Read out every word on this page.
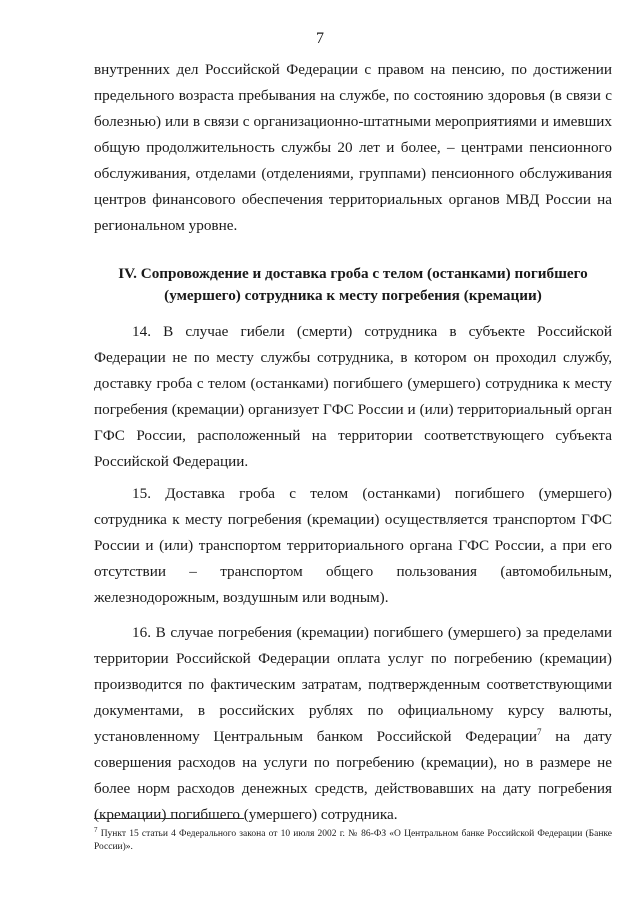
7

внутренних дел Российской Федерации с правом на пенсию, по достижении предельного возраста пребывания на службе, по состоянию здоровья (в связи с болезнью) или в связи с организационно-штатными мероприятиями и имевших общую продолжительность службы 20 лет и более, – центрами пенсионного обслуживания, отделами (отделениями, группами) пенсионного обслуживания центров финансового обеспечения территориальных органов МВД России на региональном уровне.

IV. Сопровождение и доставка гроба с телом (останками) погибшего (умершего) сотрудника к месту погребения (кремации)

14. В случае гибели (смерти) сотрудника в субъекте Российской Федерации не по месту службы сотрудника, в котором он проходил службу, доставку гроба с телом (останками) погибшего (умершего) сотрудника к месту погребения (кремации) организует ГФС России и (или) территориальный орган ГФС России, расположенный на территории соответствующего субъекта Российской Федерации.

15. Доставка гроба с телом (останками) погибшего (умершего) сотрудника к месту погребения (кремации) осуществляется транспортом ГФС России и (или) транспортом территориального органа ГФС России, а при его отсутствии – транспортом общего пользования (автомобильным, железнодорожным, воздушным или водным).

16. В случае погребения (кремации) погибшего (умершего) за пределами территории Российской Федерации оплата услуг по погребению (кремации) производится по фактическим затратам, подтвержденным соответствующими документами, в российских рублях по официальному курсу валюты, установленному Центральным банком Российской Федерации$^7$ на дату совершения расходов на услуги по погребению (кремации), но в размере не более норм расходов денежных средств, действовавших на дату погребения (кремации) погибшего (умершего) сотрудника.

$^7$ Пункт 15 статьи 4 Федерального закона от 10 июля 2002 г. № 86-ФЗ «О Центральном банке Российской Федерации (Банке России)».
